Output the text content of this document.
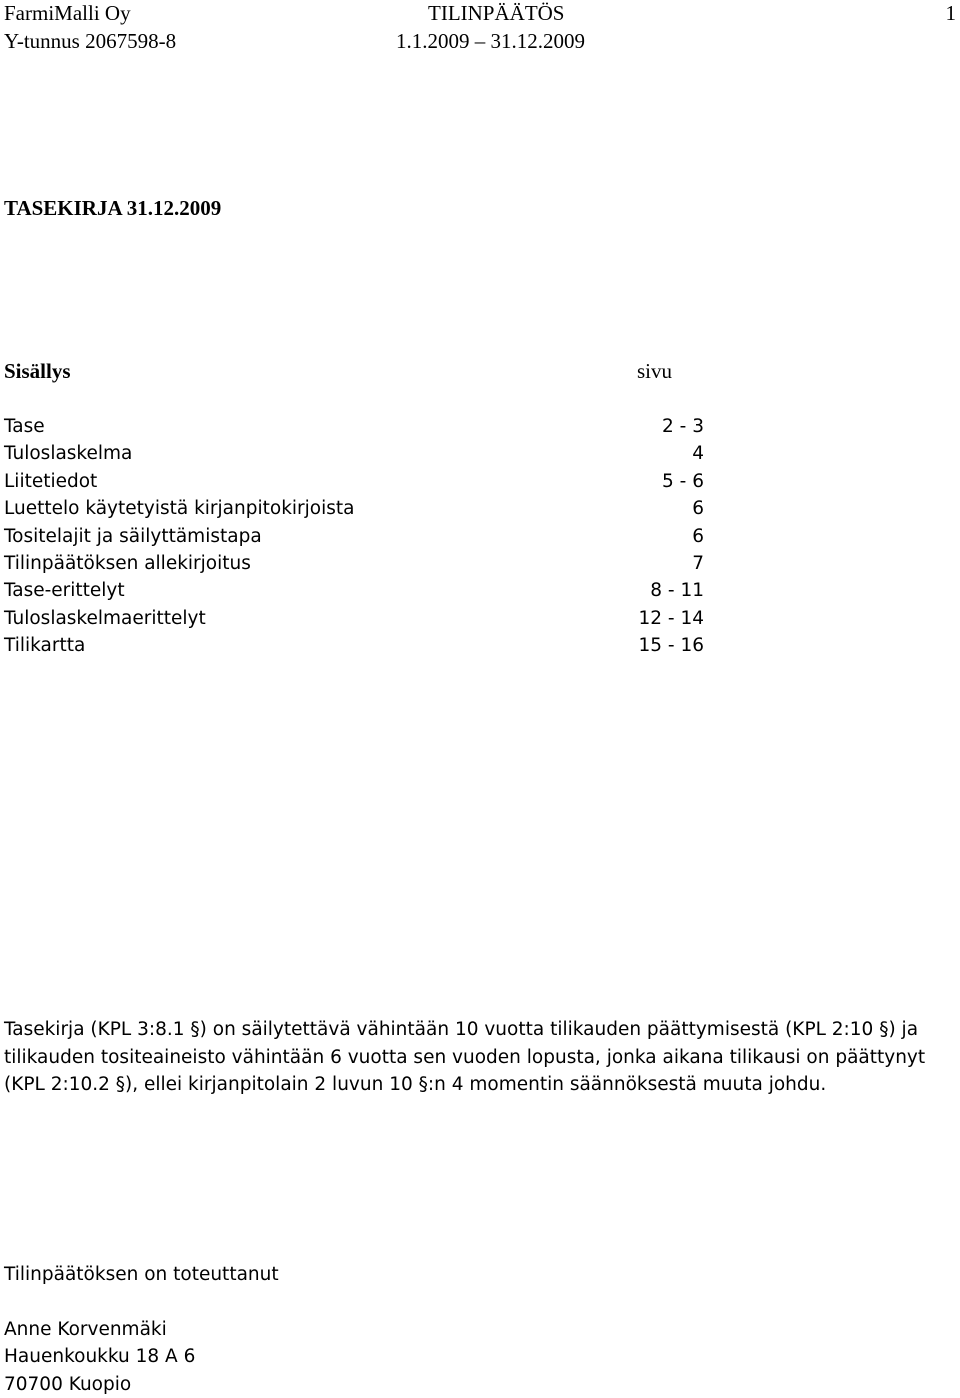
FarmiMalli Oy
Y-tunnus 2067598-8
TILINPÄÄTÖS
1.1.2009 – 31.12.2009
1
TASEKIRJA 31.12.2009
Sisällys	sivu
Tase	2 - 3
Tuloslaskelma	4
Liitetiedot	5 - 6
Luettelo käytetyistä kirjanpitokirjoista	6
Tositelajit ja säilyttämistapa	6
Tilinpäätöksen allekirjoitus	7
Tase-erittelyt	8 - 11
Tuloslaskelmaerittelyt	12 - 14
Tilikartta	15 - 16
Tasekirja (KPL 3:8.1 §) on säilytettävä vähintään 10 vuotta tilikauden päättymisestä (KPL 2:10 §) ja
tilikauden tositeaineisto vähintään 6 vuotta sen vuoden lopusta, jonka aikana tilikausi on päättynyt
(KPL 2:10.2 §), ellei kirjanpitolain 2 luvun 10 §:n 4 momentin säännöksestä muuta johdu.
Tilinpäätöksen on toteuttanut
Anne Korvenmäki
Hauenkoukku 18 A 6
70700 Kuopio
